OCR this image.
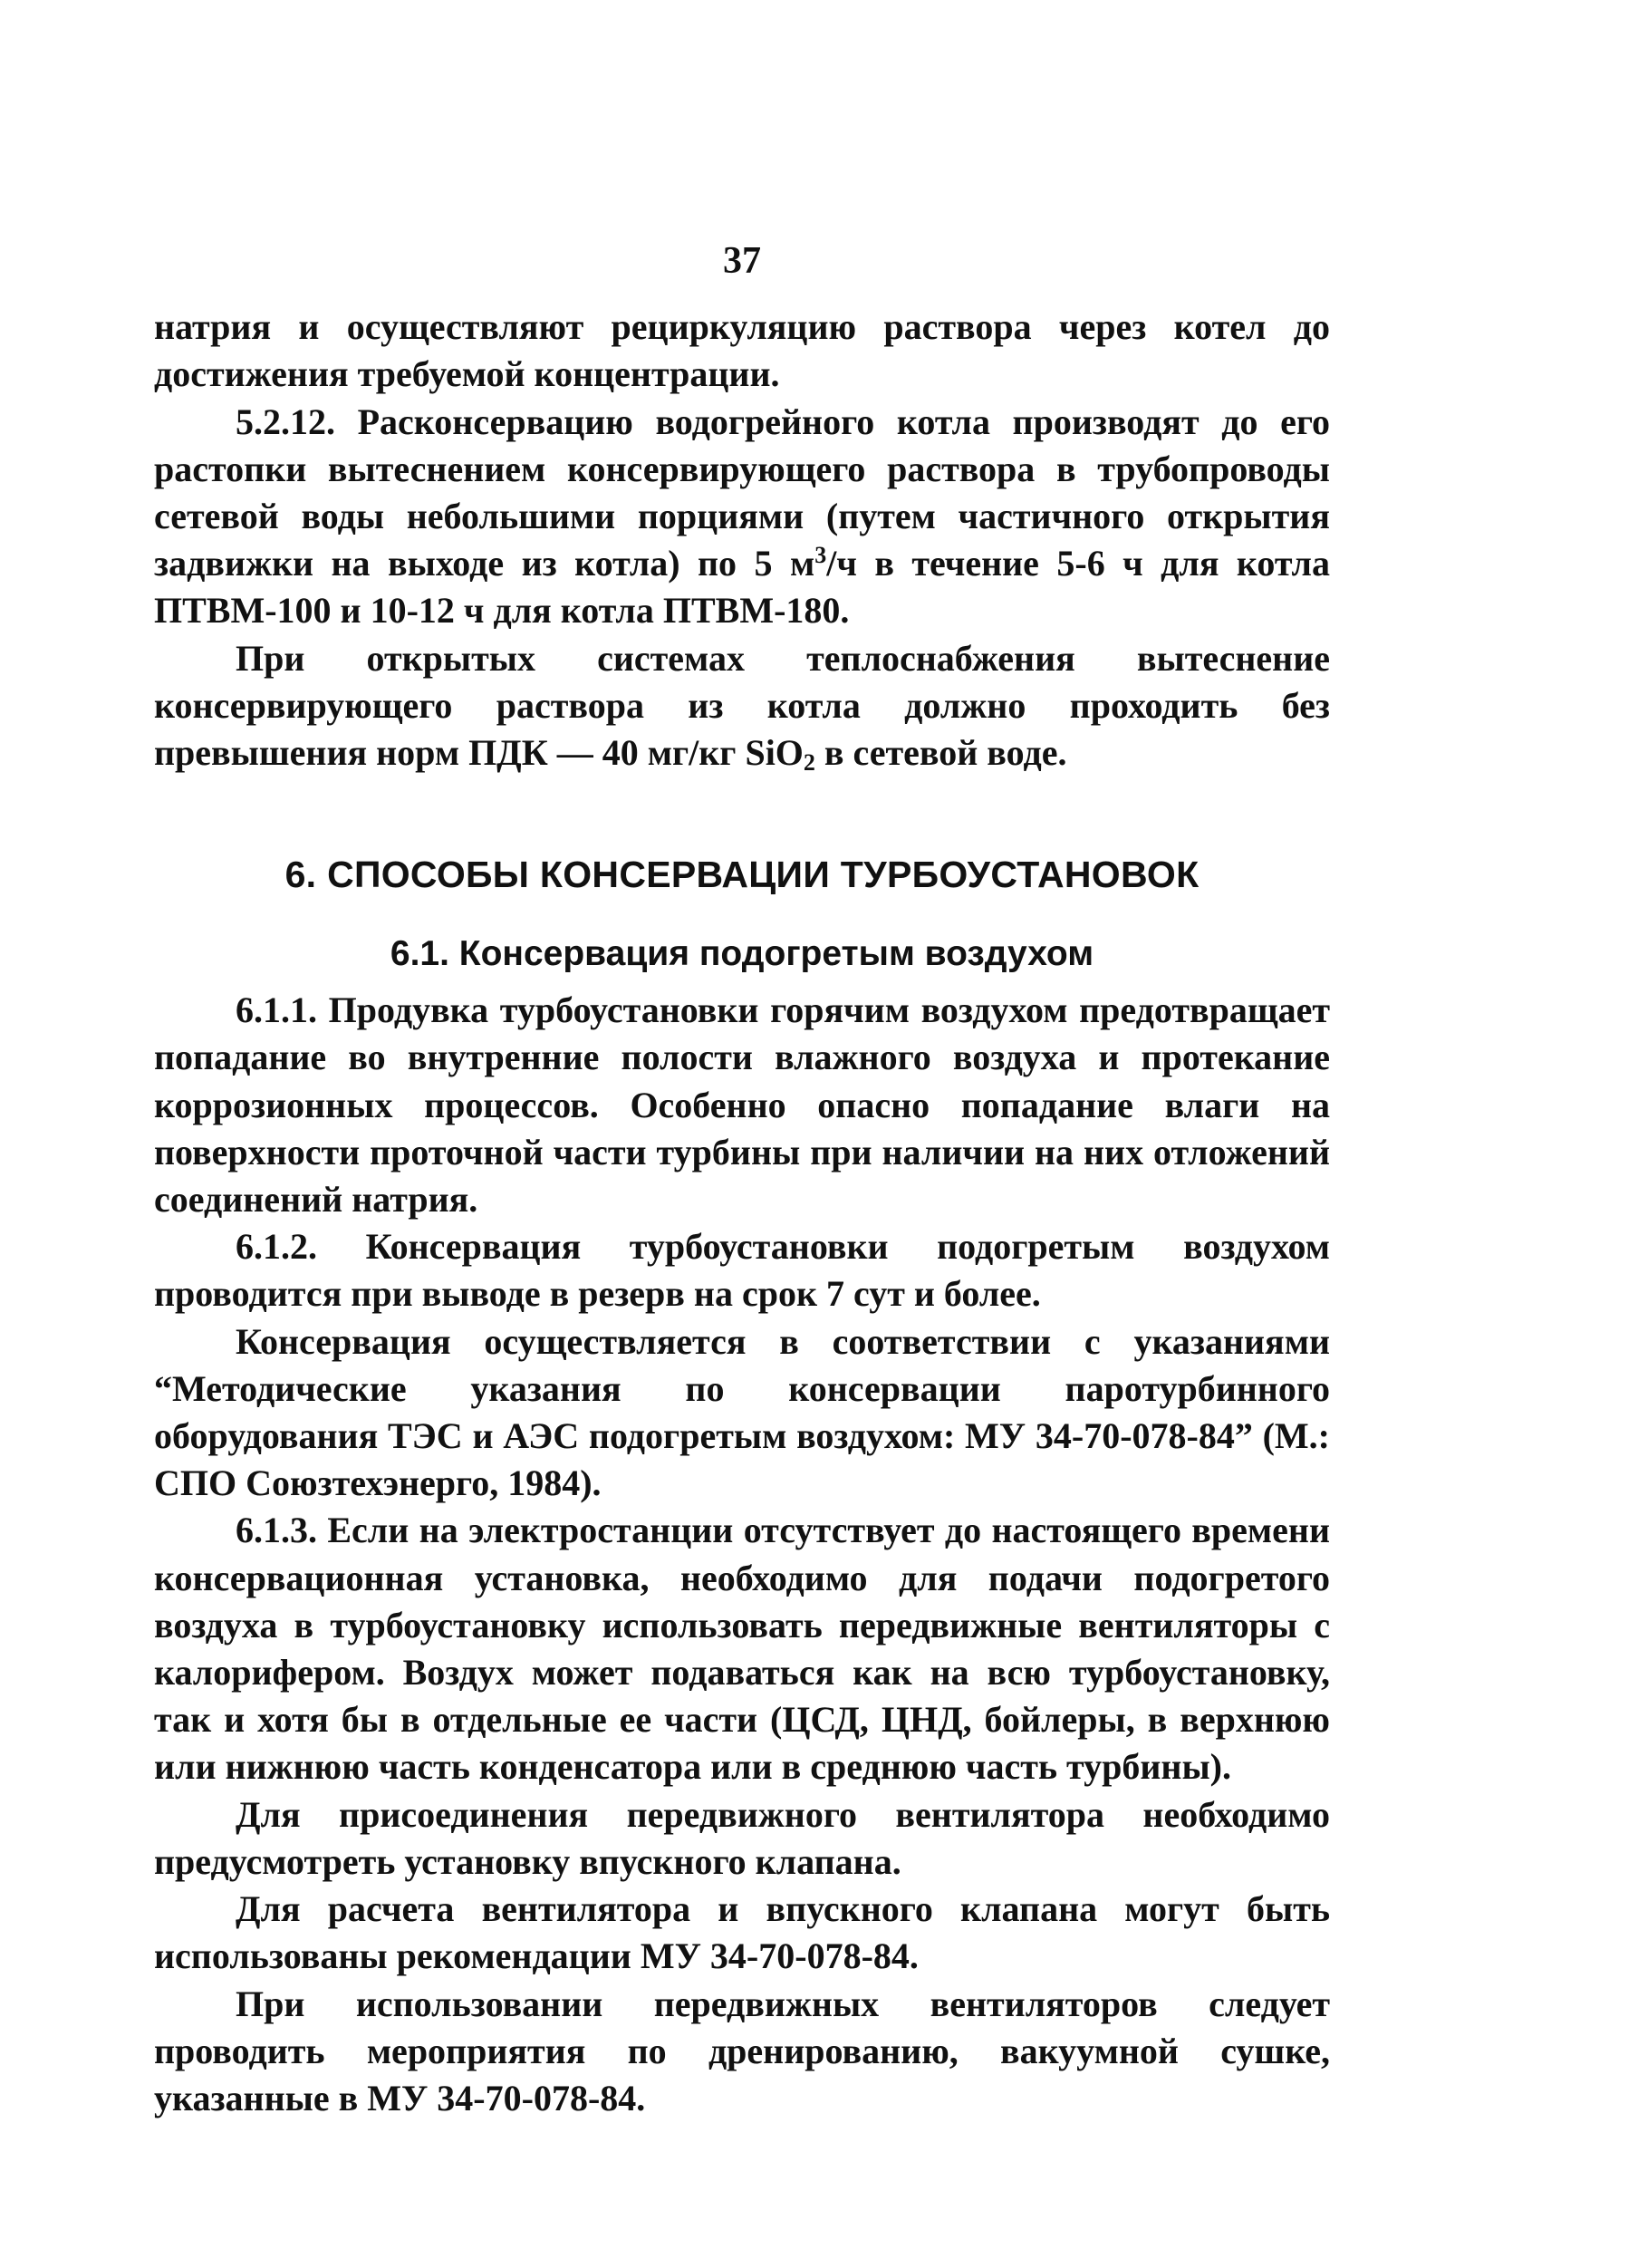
37

натрия и осуществляют рециркуляцию раствора через котел до достижения требуемой концентрации.

5.2.12. Расконсервацию водогрейного котла производят до его растопки вытеснением консервирующего раствора в трубопроводы сетевой воды небольшими порциями (путем частичного открытия задвижки на выходе из котла) по 5 $м^3/ч$ в течение 5-6 ч для котла ПТВМ-100 и 10-12 ч для котла ПТВМ-180.

При открытых системах теплоснабжения вытеснение консервирующего раствора из котла должно проходить без превышения норм ПДК — 40 мг/кг SiO$_2$ в сетевой воде.

6. СПОСОБЫ КОНСЕРВАЦИИ ТУРБОУСТАНОВОК
6.1. Консервация подогретым воздухом

6.1.1. Продувка турбоустановки горячим воздухом предотвращает попадание во внутренние полости влажного воздуха и протекание коррозионных процессов. Особенно опасно попадание влаги на поверхности проточной части турбины при наличии на них отложений соединений натрия.

6.1.2. Консервация турбоустановки подогретым воздухом проводится при выводе в резерв на срок 7 сут и более.

Консервация осуществляется в соответствии с указаниями “Методические указания по консервации паротурбинного оборудования ТЭС и АЭС подогретым воздухом: МУ 34-70-078-84” (М.: СПО Союзтехэнерго, 1984).

6.1.3. Если на электростанции отсутствует до настоящего времени консервационная установка, необходимо для подачи подогретого воздуха в турбоустановку использовать передвижные вентиляторы с калорифером. Воздух может подаваться как на всю турбоустановку, так и хотя бы в отдельные ее части (ЦСД, ЦНД, бойлеры, в верхнюю или нижнюю часть конденсатора или в среднюю часть турбины).

Для присоединения передвижного вентилятора необходимо предусмотреть установку впускного клапана.

Для расчета вентилятора и впускного клапана могут быть использованы рекомендации МУ 34-70-078-84.

При использовании передвижных вентиляторов следует проводить мероприятия по дренированию, вакуумной сушке, указанные в МУ 34-70-078-84.
